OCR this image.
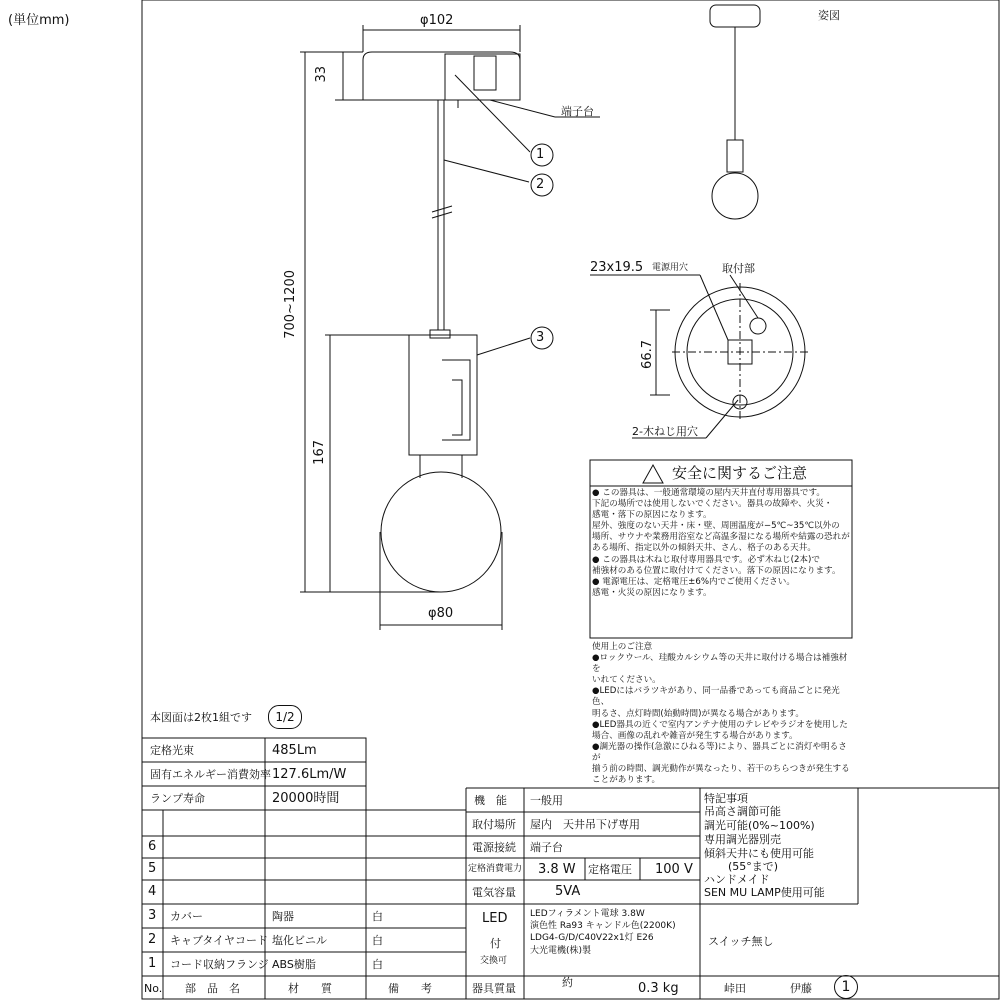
(単位mm)	姿図
φ102
33
700~1200
167
φ80
端子台
1
2
3
23x19.5 電源用穴	取付部
66.7
2-木ねじ用穴
安全に関するご注意
● この器具は、一般通常環境の屋内天井直付専用器具です。
下記の場所では使用しないでください。器具の故障や、火災・
感電・落下の原因になります。
屋外、強度のない天井・床・壁、周囲温度が−5℃~35℃以外の
場所、サウナや業務用浴室など高温多湿になる場所や結露の恐れが
ある場所、指定以外の傾斜天井、さん、格子のある天井。
● この器具は木ねじ取付専用器具です。必ず木ねじ(2本)で
補強材のある位置に取付けてください。落下の原因になります。
● 電源電圧は、定格電圧±6%内でご使用ください。
感電・火災の原因になります。
使用上のご注意
●ロックウール、珪酸カルシウム等の天井に取付ける場合は補強材を
いれてください。
●LEDにはバラツキがあり、同一品番であっても商品ごとに発光色、
明るさ、点灯時間(始動時間)が異なる場合があります。
●LED器具の近くで室内アンテナ使用のテレビやラジオを使用した
場合、画像の乱れや雑音が発生する場合があります。
●調光器の操作(急激にひねる等)により、器具ごとに消灯や明るさが
揃う前の時間、調光動作が異なったり、若干のちらつきが発生する
ことがあります。
本図面は2枚1組です	1/2
定格光束	485Lm
固有エネルギー消費効率 127.6Lm/W
ランプ寿命	20000時間
6
5
4
3 カバー	陶器	白
2 キャブタイヤコード 塩化ビニル	白
1 コード収納フランジ ABS樹脂	白
No. 部　品　名	材　　質	備　　考
機　能 一般用
取付場所 屋内　天井吊下げ専用
電源接続 端子台
定格消費電力 3.8 W 定格電圧 100 V
電気容量	5VA
LED
付
交換可
LEDフィラメント電球 3.8W
演色性 Ra93 キャンドル色(2200K)
LDG4-G/D/C40V22x1灯 E26
大光電機(株)製
器具質量	約	0.3 kg
特記事項
吊高さ調節可能
調光可能(0%~100%)
専用調光器別売
傾斜天井にも使用可能
(55°まで)
ハンドメイド
SEN MU LAMP使用可能
スイッチ無し
峠田	伊藤	1
